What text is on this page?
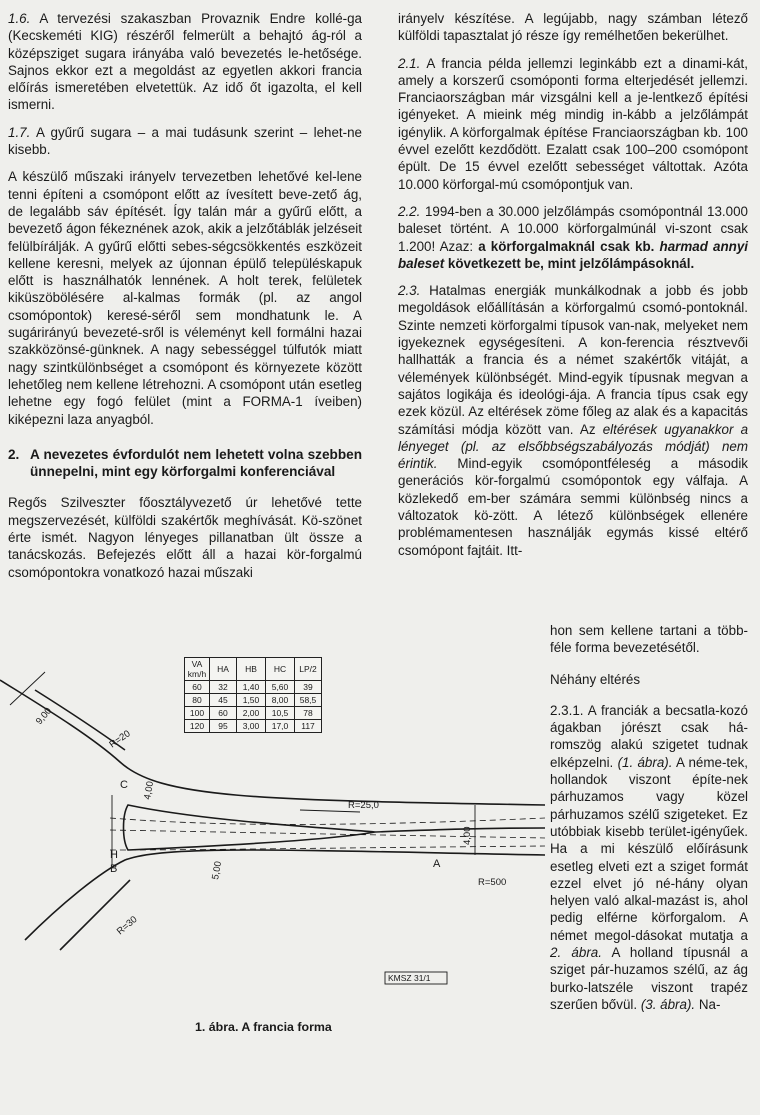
1.6. A tervezési szakaszban Provaznik Endre kollé-ga (Kecskeméti KIG) részéről felmerült a behajtó ág-ról a középsziget sugara irányába való bevezetés le-hetősége. Sajnos ekkor ezt a megoldást az egyetlen akkori francia előírás ismeretében elvetettük. Az idő őt igazolta, el kell ismerni.

1.7. A gyűrű sugara – a mai tudásunk szerint – lehet-ne kisebb.

A készülő műszaki irányelv tervezetben lehetővé kel-lene tenni építeni a csomópont előtt az ívesített beve-zető ág, de legalább sáv építését. Így talán már a gyűrű előtt, a bevezető ágon fékeznének azok, akik a jelzőtáblák jelzéseit felülbírálják. A gyűrű előtti sebes-ségcsökkentés eszközeit kellene keresni, melyek az újonnan épülő településkapuk előtt is használhatók lennének. A holt terek, felületek kiküszöbölésére al-kalmas formák (pl. az angol csomópontok) keresé-séről sem mondhatunk le. A sugárirányú bevezeté-sről is véleményt kell formálni hazai szakközönsé-günknek. A nagy sebességgel túlfutók miatt nagy szintkülönbséget a csomópont és környezete között lehetőleg nem kellene létrehozni. A csomópont után esetleg lehetne egy fogó felület (mint a FORMA-1 íveiben) kiképezni laza anyagból.

2. A nevezetes évfordulót nem lehetett volna szebben ünnepelni, mint egy körforgalmi konferenciával

Regős Szilveszter főosztályvezető úr lehetővé tette megszervezését, külföldi szakértők meghívását. Kö-szönet érte ismét. Nagyon lényeges pillanatban ült össze a tanácskozás. Befejezés előtt áll a hazai kör-forgalmú csomópontokra vonatkozó hazai műszaki

irányelv készítése. A legújabb, nagy számban létező külföldi tapasztalat jó része így remélhetően bekerülhet.

2.1. A francia példa jellemzi leginkább ezt a dinami-kát, amely a korszerű csomóponti forma elterjedését jellemzi. Franciaországban már vizsgálni kell a je-lentkező építési igényeket. A mieink még mindig in-kább a jelzőlámpát igénylik. A körforgalmak építése Franciaországban kb. 100 évvel ezelőtt kezdődött. Ezalatt csak 100–200 csomópont épült. De 15 évvel ezelőtt sebességet váltottak. Azóta 10.000 körforgal-mú csomópontjuk van.

2.2. 1994-ben a 30.000 jelzőlámpás csomópontnál 13.000 baleset történt. A 10.000 körforgalmúnál vi-szont csak 1.200! Azaz: a körforgalmaknál csak kb. harmad annyi baleset következett be, mint jelzőlámpásoknál.

2.3. Hatalmas energiák munkálkodnak a jobb és jobb megoldások előállításán a körforgalmú csomó-pontoknál. Szinte nemzeti körforgalmi típusok van-nak, melyeket nem igyekeznek egységesíteni. A kon-ferencia résztvevői hallhatták a francia és a német szakértők vitáját, a vélemények különbségét. Mind-egyik típusnak megvan a sajátos logikája és ideológi-ája. A francia típus csak egy ezek közül. Az eltérések zöme főleg az alak és a kapacitás számítási módja között van. Az eltérések ugyanakkor a lényeget (pl. az elsőbbségszabályozás módját) nem érintik. Mind-egyik csomópontféleség a második generációs kör-forgalmú csomópontok egy válfaja. A közlekedő em-ber számára semmi különbség nincs a változatok kö-zött. A létező különbségek ellenére problémamentesen használják egymás kissé eltérő csomópont fajtáit. Itt-

hon sem kellene tartani a több-féle forma bevezetésétől.

Néhány eltérés

2.3.1. A franciák a becsatla-kozó ágakban jórészt csak há-romszög alakú szigetet tudnak elképzelni. (1. ábra). A néme-tek, hollandok viszont építe-nek párhuzamos vagy közel párhuzamos szélű szigeteket. Ez utóbbiak kisebb terület-igényűek. Ha a mi készülő előírásunk esetleg elveti ezt a sziget formát ezzel elvet jó né-hány olyan helyen való alkal-mazást is, ahol pedig elférne körforgalom. A német megol-dásokat mutatja a 2. ábra. A holland típusnál a sziget pár-huzamos szélű, az ág burko-latszéle viszont trapéz szerűen bővül. (3. ábra). Na-

VA km/h	HA	HB	HC	LP/2
60	32	1,40	5,60	39
80	45	1,50	8,00	58,5
100	60	2,00	10,5	78
120	95	3,00	17,0	117
9,00
R=20
4,00
R=25,0
4,00
C
H
B	A
5,00
R=500
R=30
KMSZ 31/1
1. ábra. A francia forma
